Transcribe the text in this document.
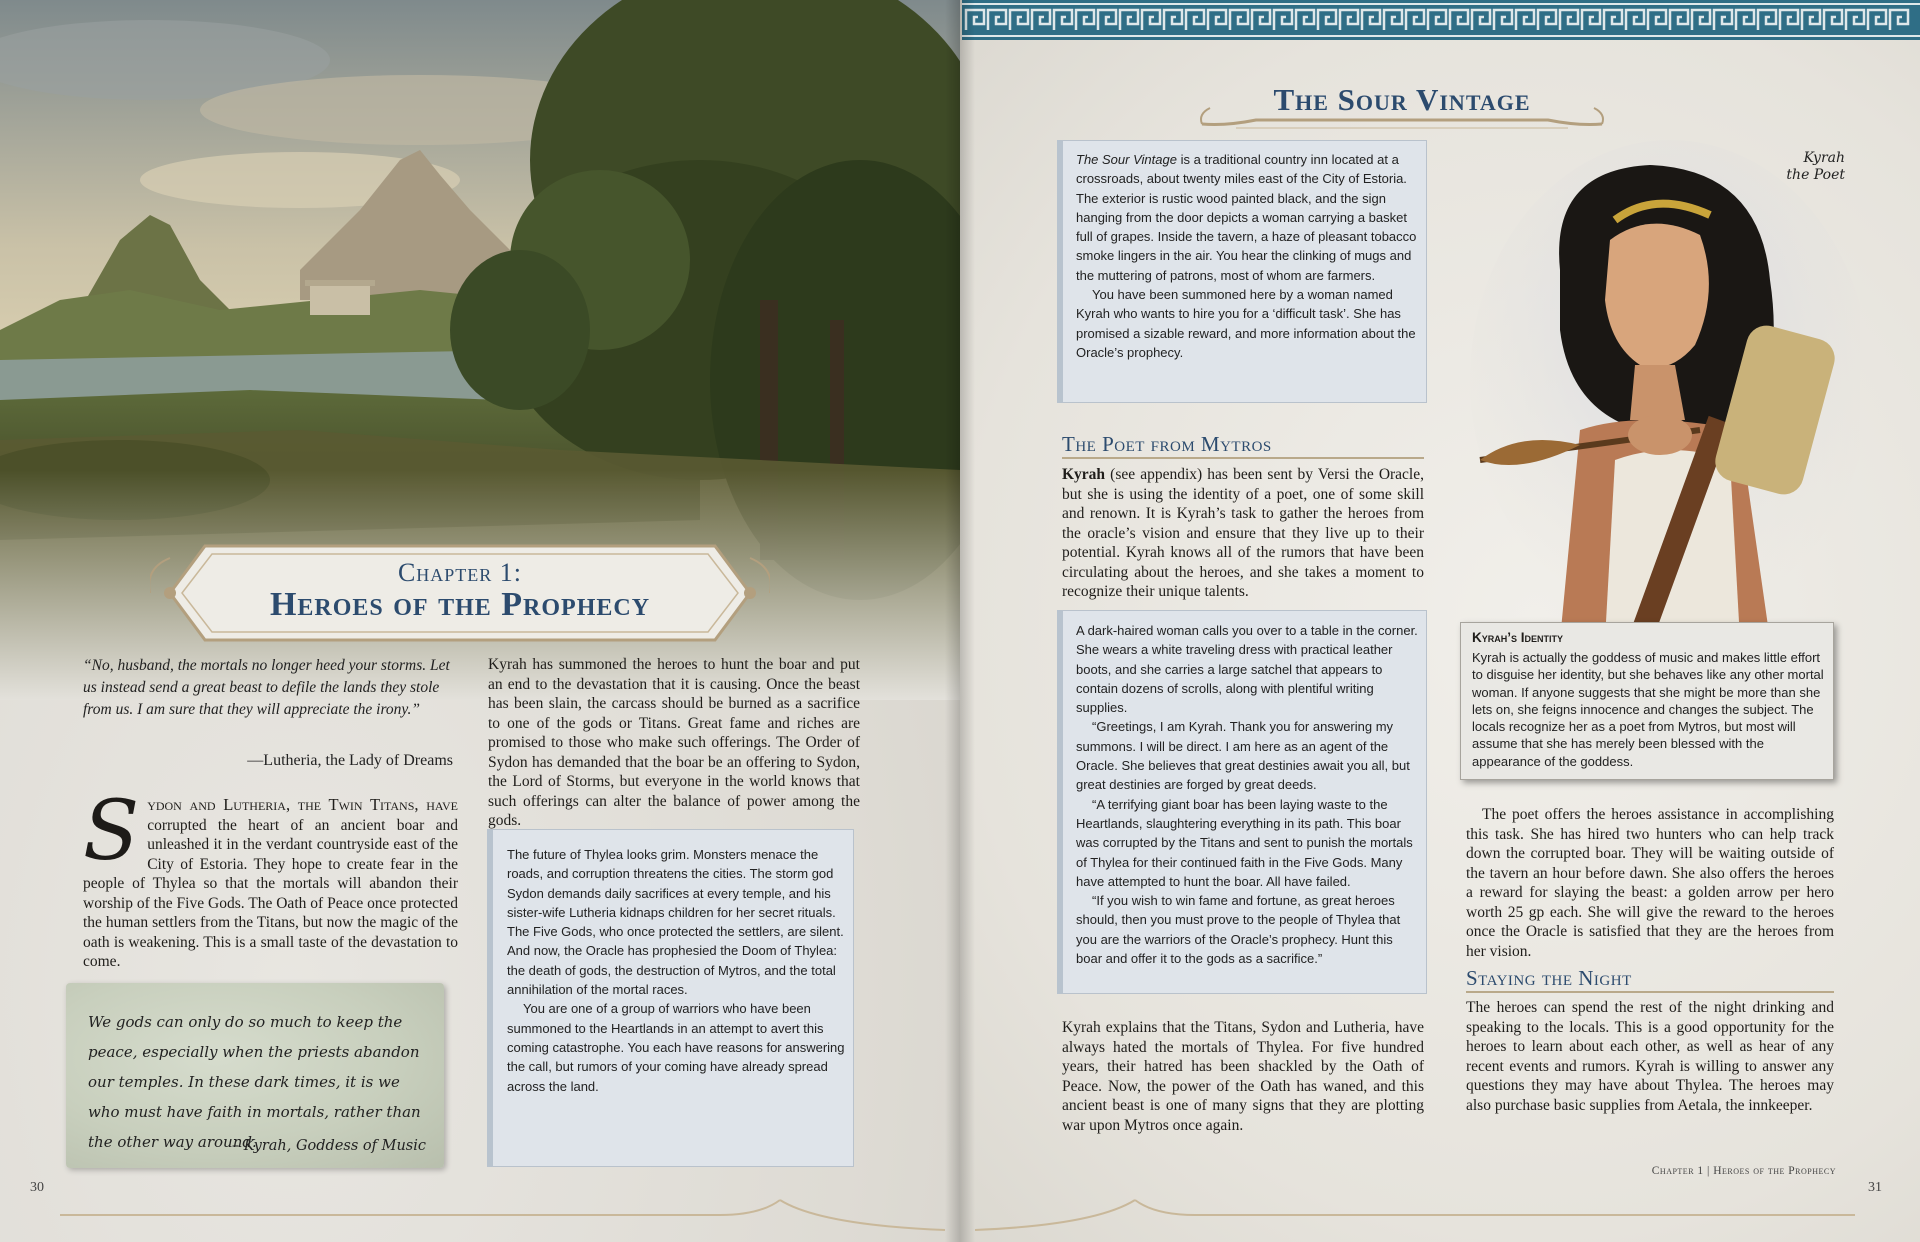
Chapter 1:
Heroes of the Prophecy
“No, husband, the mortals no longer heed your storms. Let us instead send a great beast to defile the lands they stole from us. I am sure that they will appreciate the irony.”
—Lutheria, the Lady of Dreams
Sydon and Lutheria, the Twin Titans, have corrupted the heart of an ancient boar and unleashed it in the verdant countryside east of the City of Estoria. They hope to create fear in the people of Thylea so that the mortals will abandon their worship of the Five Gods. The Oath of Peace once protected the human settlers from the Titans, but now the magic of the oath is weakening. This is a small taste of the devastation to come.
We gods can only do so much to keep the peace, especially when the priests abandon our temples. In these dark times, it is we who must have faith in mortals, rather than the other way around.
– Kyrah, Goddess of Music
Kyrah has summoned the heroes to hunt the boar and put an end to the devastation that it is causing. Once the beast has been slain, the carcass should be burned as a sacrifice to one of the gods or Titans. Great fame and riches are promised to those who make such offerings. The Order of Sydon has demanded that the boar be an offering to Sydon, the Lord of Storms, but everyone in the world knows that such offerings can alter the balance of power among the gods.

The future of Thylea looks grim. Monsters menace the roads, and corruption threatens the cities. The storm god Sydon demands daily sacrifices at every temple, and his sister-wife Lutheria kidnaps children for her secret rituals. The Five Gods, who once protected the settlers, are silent. And now, the Oracle has prophesied the Doom of Thylea: the death of gods, the destruction of Mytros, and the total annihilation of the mortal races.

You are one of a group of warriors who have been summoned to the Heartlands in an attempt to avert this coming catastrophe. You each have reasons for answering the call, but rumors of your coming have already spread across the land.

30
The Sour Vintage

The Sour Vintage is a traditional country inn located at a crossroads, about twenty miles east of the City of Estoria. The exterior is rustic wood painted black, and the sign hanging from the door depicts a woman carrying a basket full of grapes. Inside the tavern, a haze of pleasant tobacco smoke lingers in the air. You hear the clinking of mugs and the muttering of patrons, most of whom are farmers.

You have been summoned here by a woman named Kyrah who wants to hire you for a ‘difficult task’. She has promised a sizable reward, and more information about the Oracle’s prophecy.

The Poet from Mytros
Kyrah (see appendix) has been sent by Versi the Oracle, but she is using the identity of a poet, one of some skill and renown. It is Kyrah’s task to gather the heroes from the oracle’s vision and ensure that they live up to their potential. Kyrah knows all of the rumors that have been circulating about the heroes, and she takes a moment to recognize their unique talents.

A dark-haired woman calls you over to a table in the corner. She wears a white traveling dress with practical leather boots, and she carries a large satchel that appears to contain dozens of scrolls, along with plentiful writing supplies.

“Greetings, I am Kyrah. Thank you for answering my summons. I will be direct. I am here as an agent of the Oracle. She believes that great destinies await you all, but great destinies are forged by great deeds.

“A terrifying giant boar has been laying waste to the Heartlands, slaughtering everything in its path. This boar was corrupted by the Titans and sent to punish the mortals of Thylea for their continued faith in the Five Gods. Many have attempted to hunt the boar. All have failed.

“If you wish to win fame and fortune, as great heroes should, then you must prove to the people of Thylea that you are the warriors of the Oracle’s prophecy. Hunt this boar and offer it to the gods as a sacrifice.”

Kyrah explains that the Titans, Sydon and Lutheria, have always hated the mortals of Thylea. For five hundred years, their hatred has been shackled by the Oath of Peace. Now, the power of the Oath has waned, and this ancient beast is one of many signs that they are plotting war upon Mytros once again.
Kyrah
the Poet
Kyrah’s Identity
Kyrah is actually the goddess of music and makes little effort to disguise her identity, but she behaves like any other mortal woman. If anyone suggests that she might be more than she lets on, she feigns innocence and changes the subject. The locals recognize her as a poet from Mytros, but most will assume that she has merely been blessed with the appearance of the goddess.

The poet offers the heroes assistance in accomplishing this task. She has hired two hunters who can help track down the corrupted boar. They will be waiting outside of the tavern an hour before dawn. She also offers the heroes a reward for slaying the beast: a golden arrow per hero worth 25 gp each. She will give the reward to the heroes once the Oracle is satisfied that they are the heroes from her vision.

Staying the Night
The heroes can spend the rest of the night drinking and speaking to the locals. This is a good opportunity for the heroes to learn about each other, as well as hear of any recent events and rumors. Kyrah is willing to answer any questions they may have about Thylea. The heroes may also purchase basic supplies from Aetala, the innkeeper.
Chapter 1 | Heroes of the Prophecy
31
